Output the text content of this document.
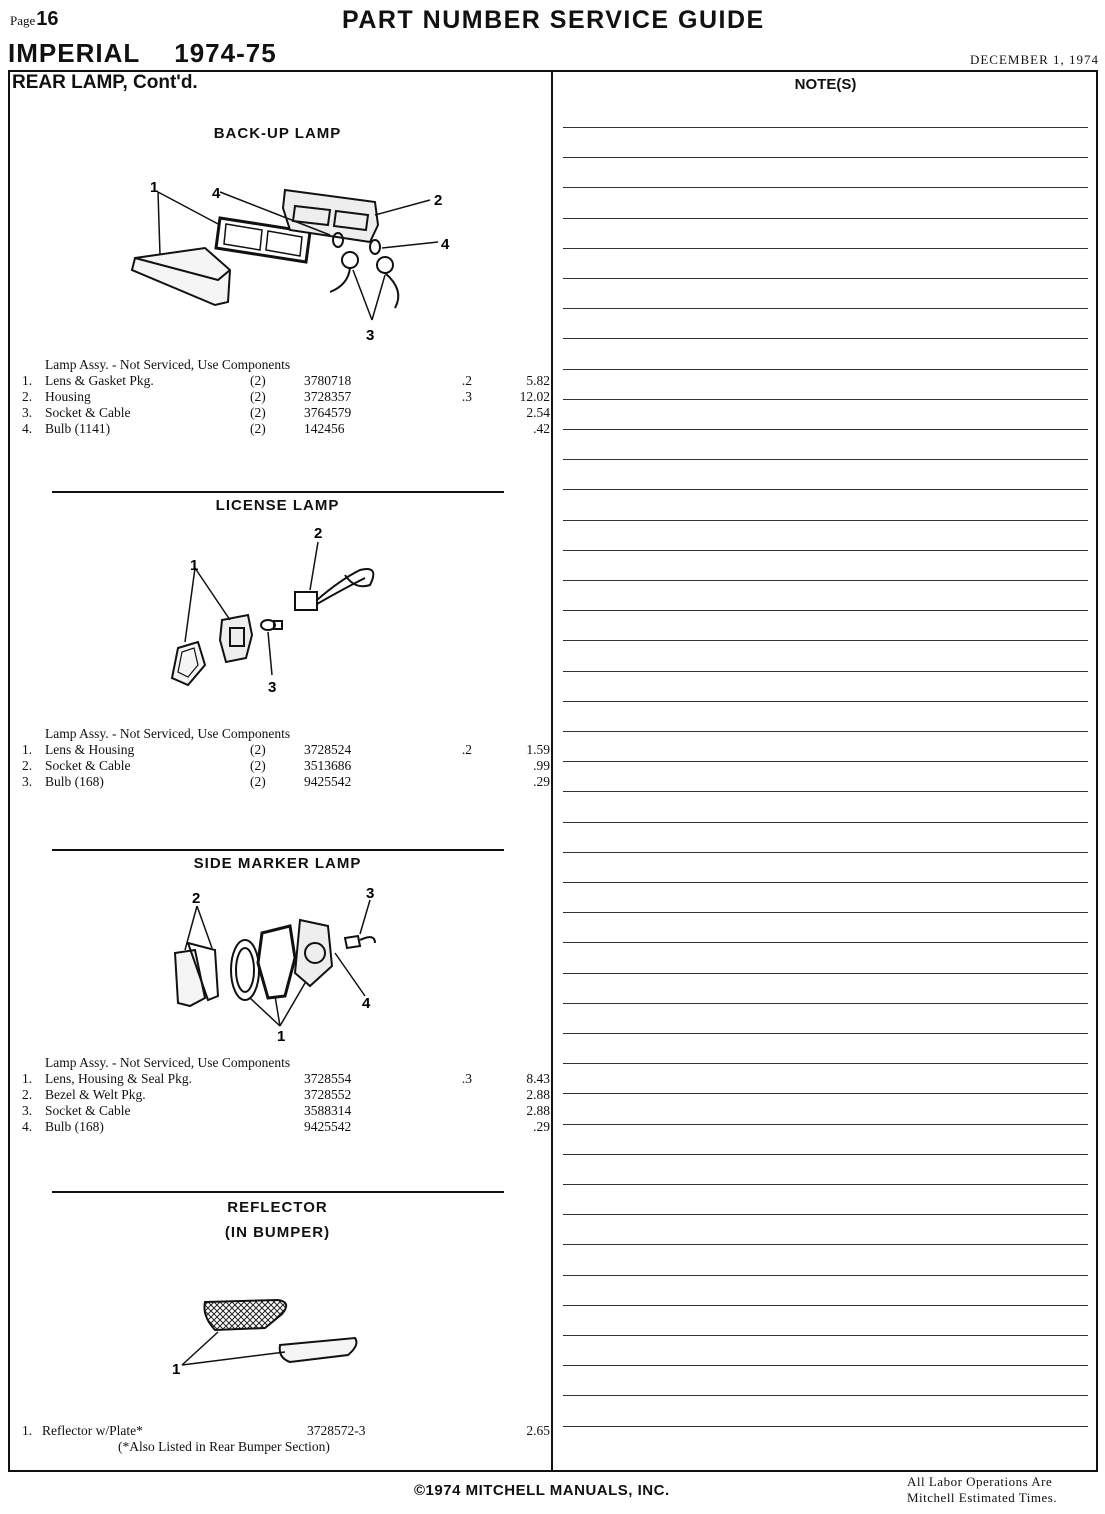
Page16	PART NUMBER SERVICE GUIDE
IMPERIAL 1974-75	DECEMBER 1, 1974
REAR LAMP, Cont'd.	NOTE(S)
BACK-UP LAMP
1	4	2
4
3
Lamp Assy. - Not Serviced, Use Components
1. Lens & Gasket Pkg.	(2)	3780718	.2	5.82
2. Housing	(2)	3728357	.3	12.02
3. Socket & Cable	(2)	3764579	2.54
4. Bulb (1141)	(2)	142456	.42
LICENSE LAMP
1
2
3
Lamp Assy. - Not Serviced, Use Components
1. Lens & Housing	(2)	3728524	.2	1.59
2. Socket & Cable	(2)	3513686	.99
3. Bulb (168)	(2)	9425542	.29
SIDE MARKER LAMP
2	3
4
1
Lamp Assy. - Not Serviced, Use Components
1. Lens, Housing & Seal Pkg.	3728554	.3	8.43
2. Bezel & Welt Pkg.	3728552	2.88
3. Socket & Cable	3588314	2.88
4. Bulb (168)	9425542	.29
REFLECTOR
(IN BUMPER)
1
1. Reflector w/Plate*	3728572-3	2.65
(*Also Listed in Rear Bumper Section)
©1974 MITCHELL MANUALS, INC.
All Labor Operations Are
Mitchell Estimated Times.
